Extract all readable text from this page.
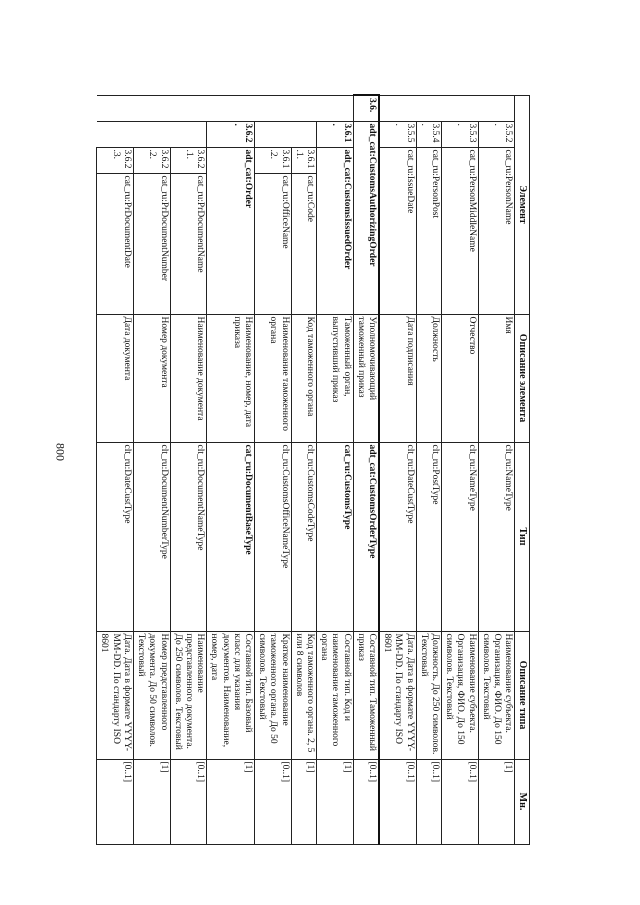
800
Элемент				Описание элемента	Тип	Описание типа	Мн.
	3.5.2.	cat_ru:PersonName		Имя	clt_ru:NameType	Наименование субъекта. Организация, ФИО. До 150 символов. Текстовый	[1]
	3.5.3.	cat_ru:PersonMiddleName		Отчество	clt_ru:NameType	Наименование субъекта. Организация, ФИО. До 150 символов. Текстовый	[0..1]
	3.5.4.	cat_ru:PersonPost		Должность	clt_ru:PostType	Должность. До 250 символов. Текстовый	[0..1]
	3.5.5.	cat_ru:IssueDate		Дата подписания	clt_ru:DateCustType	Дата. Дата в формате YYYY-MM-DD. По стандарту ISO 8601	[0..1]
3.6.	adt_cat:CustomsAuthorizingOrder			Уполномочивающий таможенный приказ	adt_cat:CustomsOrderType	Составной тип. Таможенный приказ	[0..1]
	3.6.1.	adt_cat:CustomsIssuedOrder		Таможенный орган, выпустивший приказ	cat_ru:CustomsType	Составной тип. Код и наименование таможенного органа	[1]
		3.6.1.1.	cat_ru:Code	Код таможенного органа	clt_ru:CustomsCodeType	Код таможенного органа. 2, 5 или 8 символов	[1]
		3.6.1.2.	cat_ru:OfficeName	Наименование таможенного органа	clt_ru:CustomsOfficeNameType	Краткое наименование таможенного органа. До 50 символов. Текстовый	[0..1]
	3.6.2.	adt_cat:Order		Наименование, номер, дата приказа	cat_ru:DocumentBaseType	Составной тип. Базовый класс для указания документов. Наименование, номер, дата	[1]
		3.6.2.1.	cat_ru:PrDocumentName	Наименование документа	clt_ru:DocumentNameType	Наименование представленного документа. До 250 символов. Текстовый	[0..1]
		3.6.2.2.	cat_ru:PrDocumentNumber	Номер документа	clt_ru:DocumentNumberType	Номер представленного документа. До 50 символов. Текстовый	[1]
		3.6.2.3.	cat_ru:PrDocumentDate	Дата документа	clt_ru:DateCustType	Дата. Дата в формате YYYY-MM-DD. По стандарту ISO 8601	[0..1]
